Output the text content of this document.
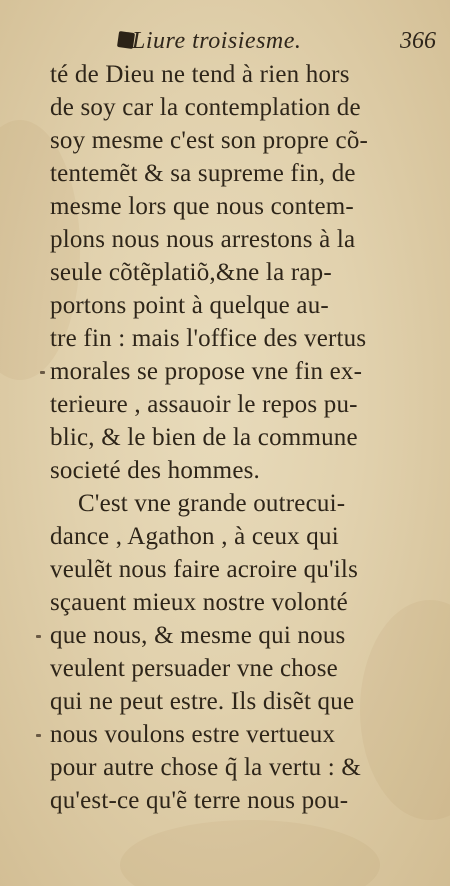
Liure troisiesme.	366
té de Dieu ne tend à rien hors
de soy car la contemplation de
soy mesme c'est son propre cõ-
tentemẽt & sa supreme fin, de
mesme lors que nous contem-
plons nous nous arrestons à la
seule cõtẽplatiõ,&ne la rap-
portons point à quelque au-
tre fin : mais l'office des vertus
morales se propose vne fin ex-
terieure , assauoir le repos pu-
blic, & le bien de la commune
societé des hommes.
C'est vne grande outrecui-
dance , Agathon , à ceux qui
veulẽt nous faire acroire qu'ils
sçauent mieux nostre volonté
que nous, & mesme qui nous
veulent persuader vne chose
qui ne peut estre. Ils disẽt que
nous voulons estre vertueux
pour autre chose q̃ la vertu : &
qu'est-ce qu'ẽ terre nous pou-
